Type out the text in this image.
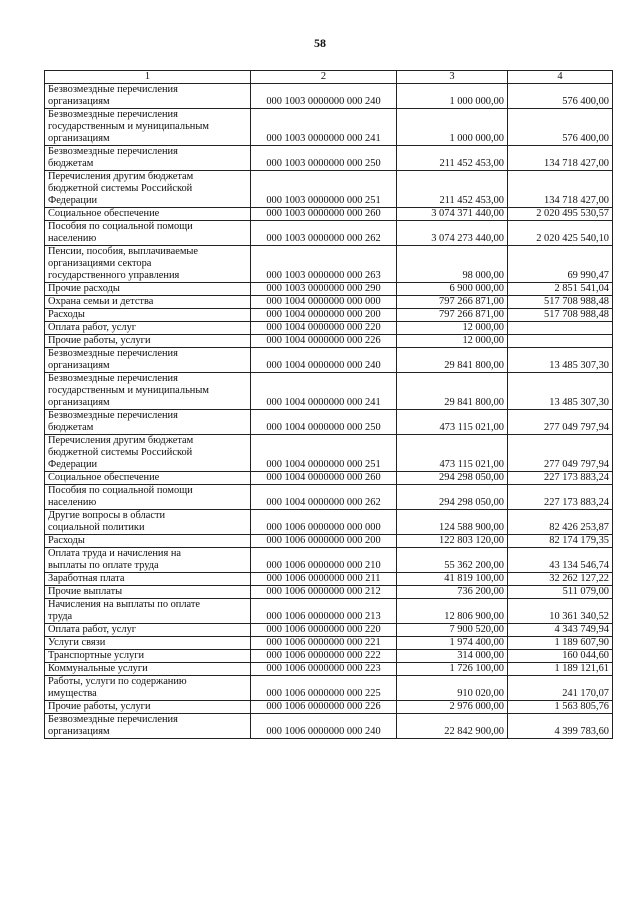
58
1	2	3	4
Безвозмездные перечисления
организациям	000 1003 0000000 000 240	1 000 000,00	576 400,00
Безвозмездные перечисления
государственным и муниципальным
организациям	000 1003 0000000 000 241	1 000 000,00	576 400,00
Безвозмездные перечисления
бюджетам	000 1003 0000000 000 250	211 452 453,00	134 718 427,00
Перечисления другим бюджетам
бюджетной системы Российской
Федерации	000 1003 0000000 000 251	211 452 453,00	134 718 427,00
Социальное обеспечение	000 1003 0000000 000 260	3 074 371 440,00	2 020 495 530,57
Пособия по социальной помощи
населению	000 1003 0000000 000 262	3 074 273 440,00	2 020 425 540,10
Пенсии, пособия, выплачиваемые
организациями сектора
государственного управления	000 1003 0000000 000 263	98 000,00	69 990,47
Прочие расходы	000 1003 0000000 000 290	6 900 000,00	2 851 541,04
Охрана семьи и детства	000 1004 0000000 000 000	797 266 871,00	517 708 988,48
Расходы	000 1004 0000000 000 200	797 266 871,00	517 708 988,48
Оплата работ, услуг	000 1004 0000000 000 220	12 000,00	
Прочие работы, услуги	000 1004 0000000 000 226	12 000,00	
Безвозмездные перечисления
организациям	000 1004 0000000 000 240	29 841 800,00	13 485 307,30
Безвозмездные перечисления
государственным и муниципальным
организациям	000 1004 0000000 000 241	29 841 800,00	13 485 307,30
Безвозмездные перечисления
бюджетам	000 1004 0000000 000 250	473 115 021,00	277 049 797,94
Перечисления другим бюджетам
бюджетной системы Российской
Федерации	000 1004 0000000 000 251	473 115 021,00	277 049 797,94
Социальное обеспечение	000 1004 0000000 000 260	294 298 050,00	227 173 883,24
Пособия по социальной помощи
населению	000 1004 0000000 000 262	294 298 050,00	227 173 883,24
Другие вопросы в области
социальной политики	000 1006 0000000 000 000	124 588 900,00	82 426 253,87
Расходы	000 1006 0000000 000 200	122 803 120,00	82 174 179,35
Оплата труда и начисления на
выплаты по оплате труда	000 1006 0000000 000 210	55 362 200,00	43 134 546,74
Заработная плата	000 1006 0000000 000 211	41 819 100,00	32 262 127,22
Прочие выплаты	000 1006 0000000 000 212	736 200,00	511 079,00
Начисления на выплаты по оплате
труда	000 1006 0000000 000 213	12 806 900,00	10 361 340,52
Оплата работ, услуг	000 1006 0000000 000 220	7 900 520,00	4 343 749,94
Услуги связи	000 1006 0000000 000 221	1 974 400,00	1 189 607,90
Транспортные услуги	000 1006 0000000 000 222	314 000,00	160 044,60
Коммунальные услуги	000 1006 0000000 000 223	1 726 100,00	1 189 121,61
Работы, услуги по содержанию
имущества	000 1006 0000000 000 225	910 020,00	241 170,07
Прочие работы, услуги	000 1006 0000000 000 226	2 976 000,00	1 563 805,76
Безвозмездные перечисления
организациям	000 1006 0000000 000 240	22 842 900,00	4 399 783,60
